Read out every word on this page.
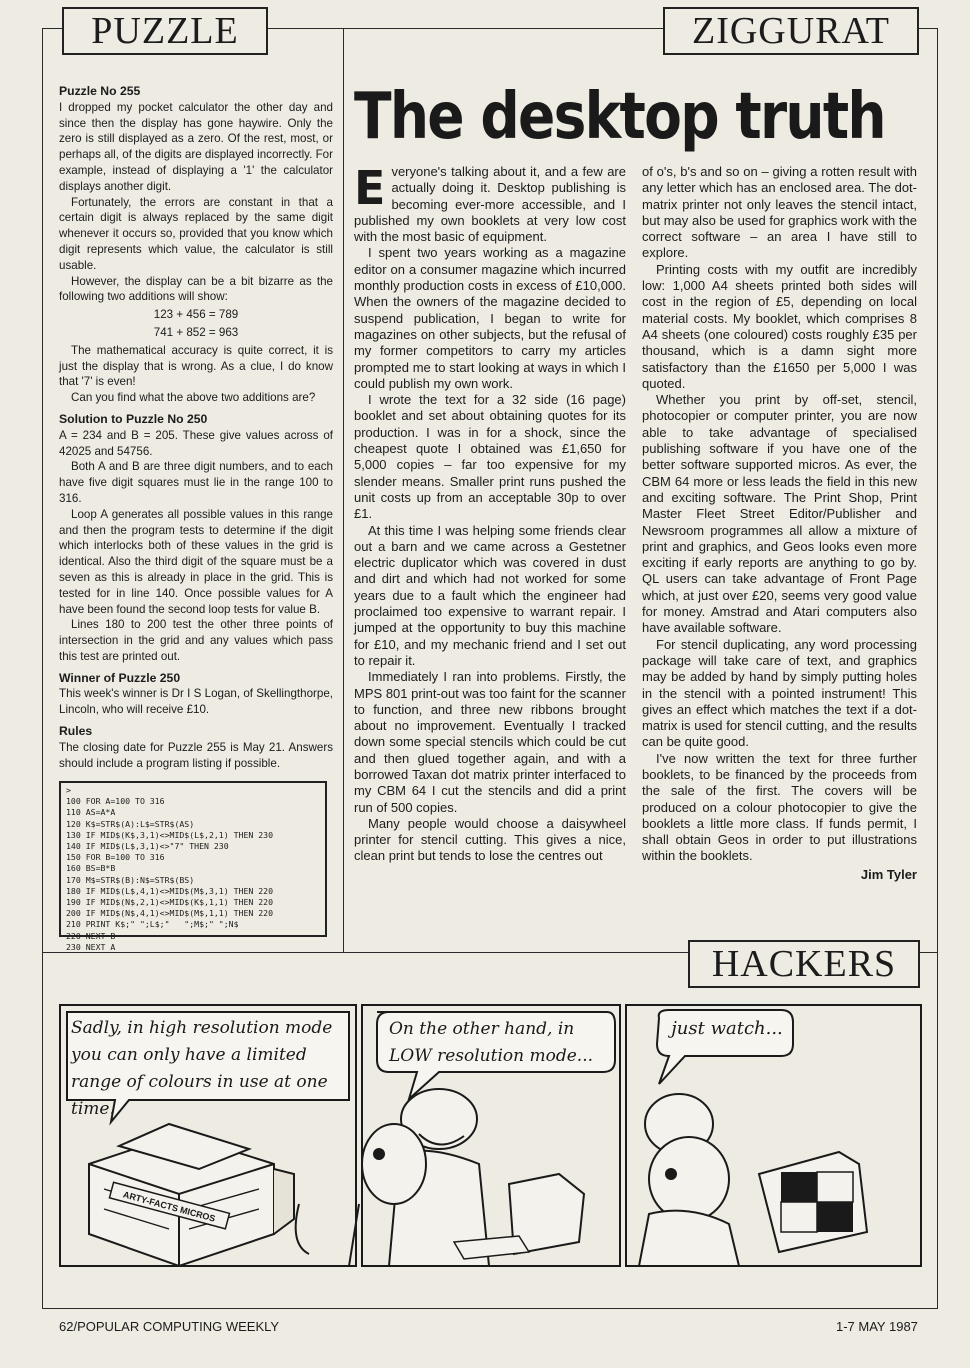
PUZZLE	ZIGGURAT
HACKERS
Puzzle No 255

I dropped my pocket calculator the other day and since then the display has gone haywire. Only the zero is still displayed as a zero. Of the rest, most, or perhaps all, of the digits are displayed incorrectly. For example, instead of displaying a '1' the calculator displays another digit.

Fortunately, the errors are constant in that a certain digit is always replaced by the same digit whenever it occurs so, provided that you know which digit represents which value, the calculator is still usable.

However, the display can be a bit bizarre as the following two additions will show:

123 + 456 = 789
741 + 852 = 963

The mathematical accuracy is quite correct, it is just the display that is wrong. As a clue, I do know that '7' is even!

Can you find what the above two additions are?

Solution to Puzzle No 250

A = 234 and B = 205. These give values across of 42025 and 54756.

Both A and B are three digit numbers, and to each have five digit squares must lie in the range 100 to 316.

Loop A generates all possible values in this range and then the program tests to determine if the digit which interlocks both of these values in the grid is identical. Also the third digit of the square must be a seven as this is already in place in the grid. This is tested for in line 140. Once possible values for A have been found the second loop tests for value B.

Lines 180 to 200 test the other three points of intersection in the grid and any values which pass this test are printed out.

Winner of Puzzle 250

This week's winner is Dr I S Logan, of Skellingthorpe, Lincoln, who will receive £10.

Rules

The closing date for Puzzle 255 is May 21. Answers should include a program listing if possible.

>
100 FOR A=100 TO 316
110 AS=A*A
120 K$=STR$(A):L$=STR$(AS)
130 IF MID$(K$,3,1)<>MID$(L$,2,1) THEN 230
140 IF MID$(L$,3,1)<>"7" THEN 230
150 FOR B=100 TO 316
160 BS=B*B
170 M$=STR$(B):N$=STR$(BS)
180 IF MID$(L$,4,1)<>MID$(M$,3,1) THEN 220
190 IF MID$(N$,2,1)<>MID$(K$,1,1) THEN 220
200 IF MID$(N$,4,1)<>MID$(M$,1,1) THEN 220
210 PRINT K$;" ";L$;"   ";M$;" ";N$
220 NEXT B
230 NEXT A
The desktop truth

Everyone's talking about it, and a few are actually doing it. Desktop publishing is becoming ever-more accessible, and I published my own booklets at very low cost with the most basic of equipment.

I spent two years working as a magazine editor on a consumer magazine which incurred monthly production costs in excess of £10,000. When the owners of the magazine decided to suspend publication, I began to write for magazines on other subjects, but the refusal of my former competitors to carry my articles prompted me to start looking at ways in which I could publish my own work.

I wrote the text for a 32 side (16 page) booklet and set about obtaining quotes for its production. I was in for a shock, since the cheapest quote I obtained was £1,650 for 5,000 copies – far too expensive for my slender means. Smaller print runs pushed the unit costs up from an acceptable 30p to over £1.

At this time I was helping some friends clear out a barn and we came across a Gestetner electric duplicator which was covered in dust and dirt and which had not worked for some years due to a fault which the engineer had proclaimed too expensive to warrant repair. I jumped at the opportunity to buy this machine for £10, and my mechanic friend and I set out to repair it.

Immediately I ran into problems. Firstly, the MPS 801 print-out was too faint for the scanner to function, and three new ribbons brought about no improvement. Eventually I tracked down some special stencils which could be cut and then glued together again, and with a borrowed Taxan dot matrix printer interfaced to my CBM 64 I cut the stencils and did a print run of 500 copies.

Many people would choose a daisywheel printer for stencil cutting. This gives a nice, clean print but tends to lose the centres out

of o's, b's and so on – giving a rotten result with any letter which has an enclosed area. The dot-matrix printer not only leaves the stencil intact, but may also be used for graphics work with the correct software – an area I have still to explore.

Printing costs with my outfit are incredibly low: 1,000 A4 sheets printed both sides will cost in the region of £5, depending on local material costs. My booklet, which comprises 8 A4 sheets (one coloured) costs roughly £35 per thousand, which is a damn sight more satisfactory than the £1650 per 5,000 I was quoted.

Whether you print by off-set, stencil, photocopier or computer printer, you are now able to take advantage of specialised publishing software if you have one of the better software supported micros. As ever, the CBM 64 more or less leads the field in this new and exciting software. The Print Shop, Print Master Fleet Street Editor/Publisher and Newsroom programmes all allow a mixture of print and graphics, and Geos looks even more exciting if early reports are anything to go by. QL users can take advantage of Front Page which, at just over £20, seems very good value for money. Amstrad and Atari computers also have available software.

For stencil duplicating, any word processing package will take care of text, and graphics may be added by hand by simply putting holes in the stencil with a pointed instrument! This gives an effect which matches the text if a dot-matrix is used for stencil cutting, and the results can be quite good.

I've now written the text for three further booklets, to be financed by the proceeds from the sale of the first. The covers will be produced on a colour photocopier to give the booklets a little more class. If funds permit, I shall obtain Geos in order to put illustrations within the booklets.

Jim Tyler
ARTY-FACTS MICROS
Sadly, in high resolution mode you can only have a limited range of colours in use at one time.
On the other hand, in LOW resolution mode...
just watch...
62/POPULAR COMPUTING WEEKLY	1-7 MAY 1987
